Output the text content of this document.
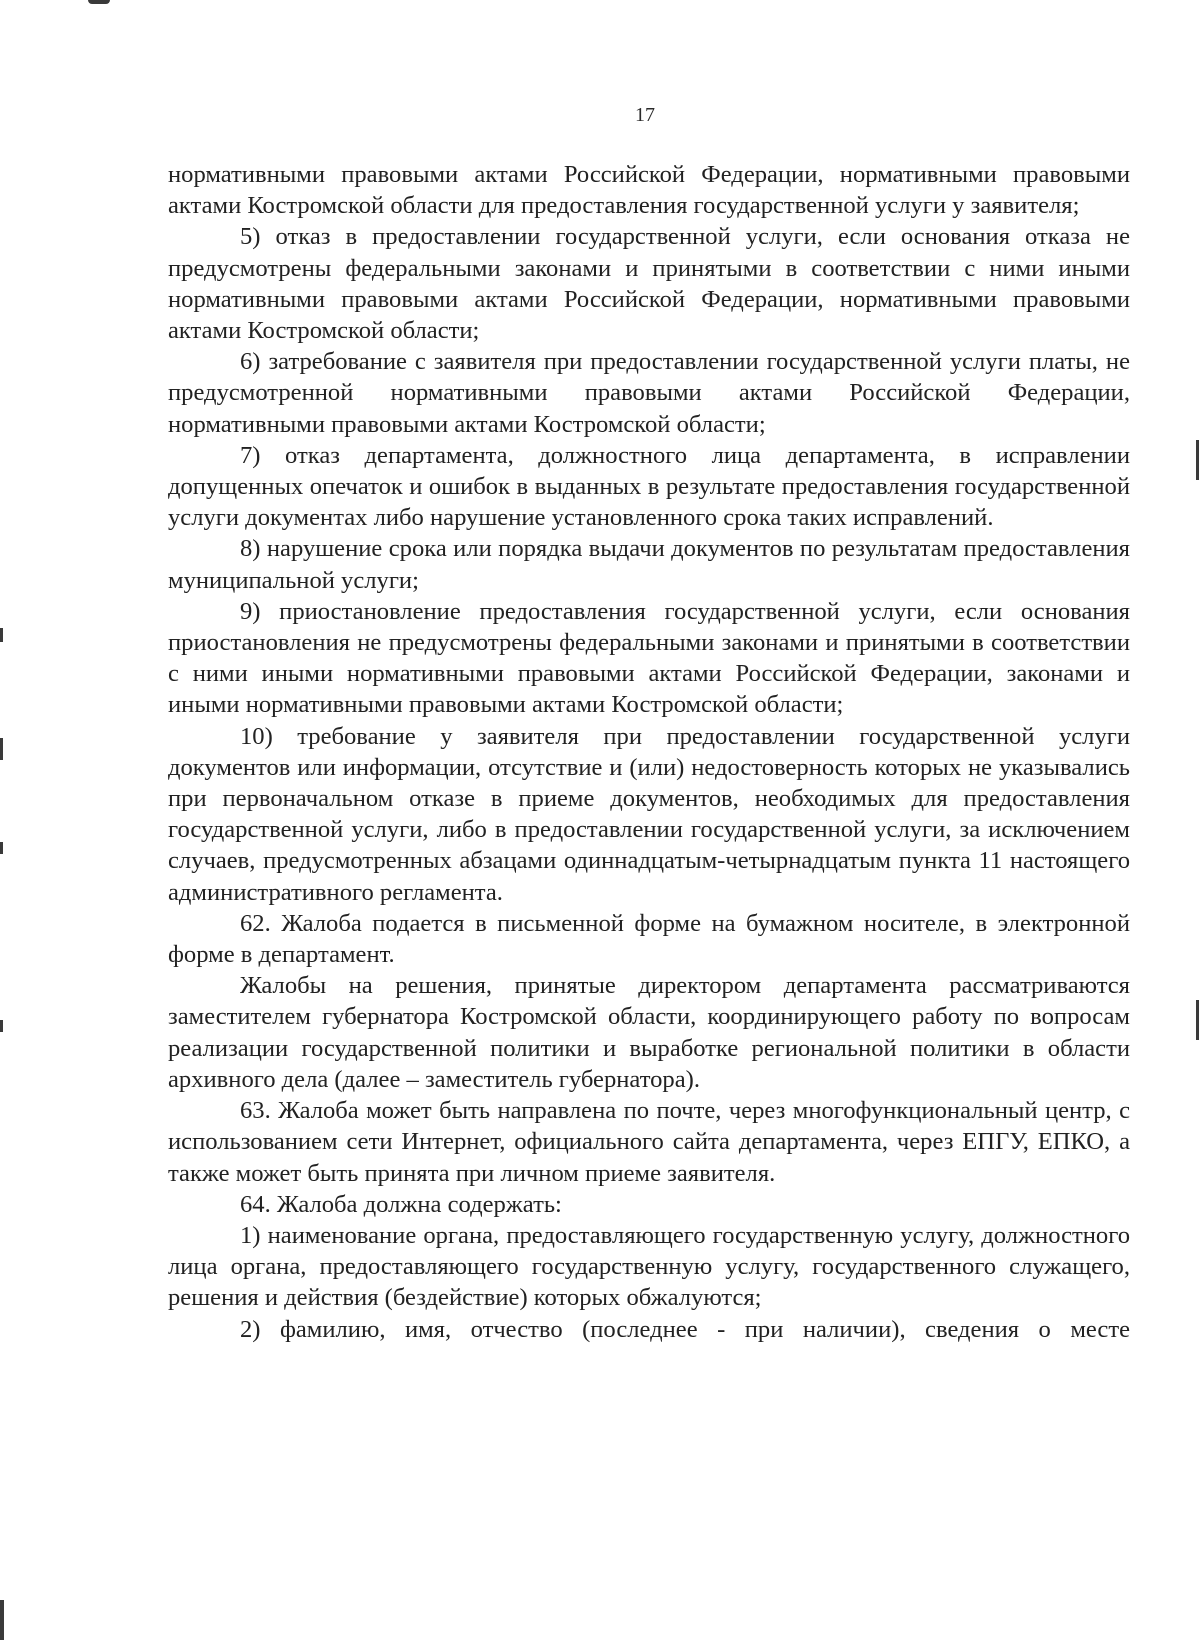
17

нормативными правовыми актами Российской Федерации, нормативными правовыми актами Костромской области для предоставления государственной услуги у заявителя;

5) отказ в предоставлении государственной услуги, если основания отказа не предусмотрены федеральными законами и принятыми в соответствии с ними иными нормативными правовыми актами Российской Федерации, нормативными правовыми актами Костромской области;

6) затребование с заявителя при предоставлении государственной услуги платы, не предусмотренной нормативными правовыми актами Российской Федерации, нормативными правовыми актами Костромской области;

7) отказ департамента, должностного лица департамента, в исправлении допущенных опечаток и ошибок в выданных в результате предоставления государственной услуги документах либо нарушение установленного срока таких исправлений.

8) нарушение срока или порядка выдачи документов по результатам предоставления муниципальной услуги;

9) приостановление предоставления государственной услуги, если основания приостановления не предусмотрены федеральными законами и принятыми в соответствии с ними иными нормативными правовыми актами Российской Федерации, законами и иными нормативными правовыми актами Костромской области;

10) требование у заявителя при предоставлении государственной услуги документов или информации, отсутствие и (или) недостоверность которых не указывались при первоначальном отказе в приеме документов, необходимых для предоставления государственной услуги, либо в предоставлении государственной услуги, за исключением случаев, предусмотренных абзацами одиннадцатым-четырнадцатым пункта 11 настоящего административного регламента.

62. Жалоба подается в письменной форме на бумажном носителе, в электронной форме в департамент.

Жалобы на решения, принятые директором департамента рассматриваются заместителем губернатора Костромской области, координирующего работу по вопросам реализации государственной политики и выработке региональной политики в области архивного дела (далее – заместитель губернатора).

63. Жалоба может быть направлена по почте, через многофункциональный центр, с использованием сети Интернет, официального сайта департамента, через ЕПГУ, ЕПКО, а также может быть принята при личном приеме заявителя.

64. Жалоба должна содержать:

1) наименование органа, предоставляющего государственную услугу, должностного лица органа, предоставляющего государственную услугу, государственного служащего, решения и действия (бездействие) которых обжалуются;

2) фамилию, имя, отчество (последнее - при наличии), сведения о месте
